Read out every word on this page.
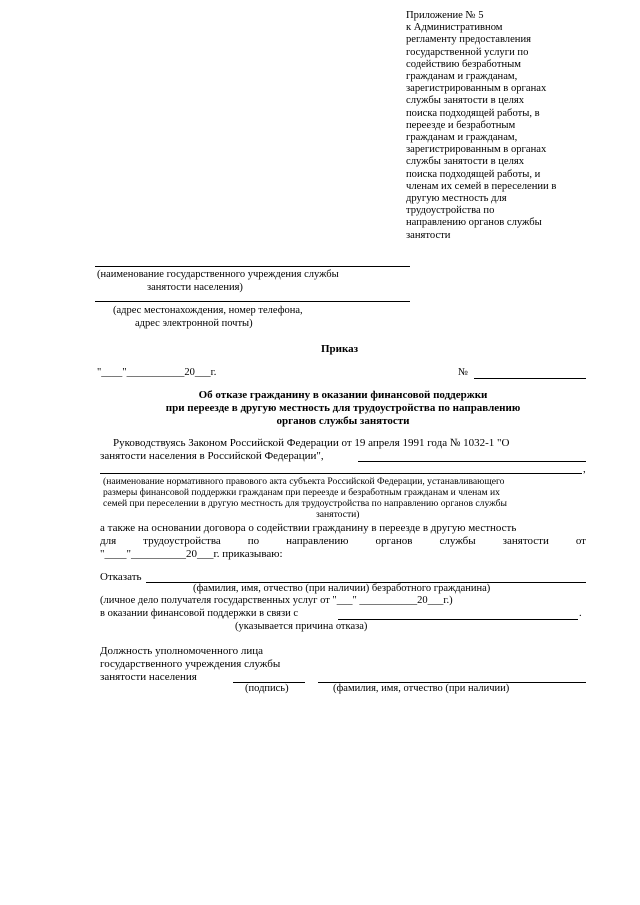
Приложение № 5
к Административном
регламенту предоставления
государственной услуги по
содействию безработным
гражданам и гражданам,
зарегистрированным в органах
службы занятости в целях
поиска подходящей работы, в
переезде и безработным
гражданам и гражданам,
зарегистрированным в органах
службы занятости в целях
поиска подходящей работы, и
членам их семей в переселении в
другую местность для
трудоустройства по
направлению органов службы
занятости
(наименование государственного учреждения службы
занятости населения)
(адрес местонахождения, номер телефона,
адрес электронной почты)
Приказ
"____"___________20___г.	№
Об отказе гражданину в оказании финансовой поддержки
при переезде в другую местность для трудоустройства по направлению
органов службы занятости
Руководствуясь Законом Российской Федерации от 19 апреля 1991 года № 1032-1 "О
занятости населения в Российской Федерации",
,
(наименование нормативного правового акта субъекта Российской Федерации, устанавливающего
размеры финансовой поддержки гражданам при переезде и безработным гражданам и членам их
семей при переселении в другую местность для трудоустройства по направлению органов службы
занятости)
а также на основании договора о содействии гражданину в переезде в другую местность
для трудоустройства по направлению органов службы занятости от
"____"__________20___г. приказываю:
Отказать
(фамилия, имя, отчество (при наличии) безработного гражданина)
(личное дело получателя государственных услуг от "___" ___________20___г.)
в оказании финансовой поддержки в связи с	.
(указывается причина отказа)
Должность уполномоченного лица
государственного учреждения службы
занятости населения
(подпись)	(фамилия, имя, отчество (при наличии)
